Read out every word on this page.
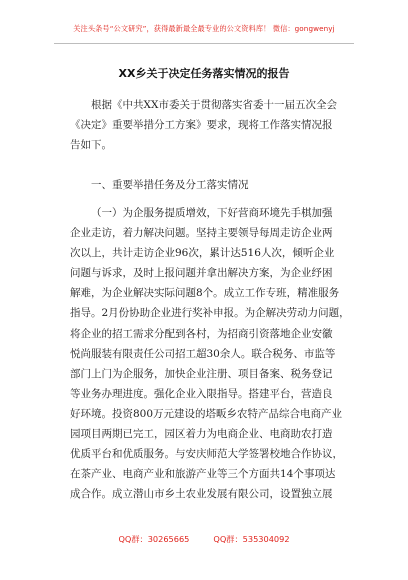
关注头条号“公文研究”，获得最新最全最专业的公文资料库！ 微信：gongwenyj
XX乡关于决定任务落实情况的报告
根据《中共XX市委关于贯彻落实省委十一届五次全会
《决定》重要举措分工方案》要求，现将工作落实情况报
告如下。
一、重要举措任务及分工落实情况
（一）为企服务提质增效，下好营商环境先手棋加强
企业走访，着力解决问题。坚持主要领导每周走访企业两
次以上，共计走访企业96次，累计达516人次，倾听企业
问题与诉求，及时上报问题并拿出解决方案，为企业纾困
解难，为企业解决实际问题8个。成立工作专班，精准服务
指导。2月份协助企业进行奖补申报。为企解决劳动力问题，
将企业的招工需求分配到各村，为招商引资落地企业安徽
悦尚服装有限责任公司招工超30余人。联合税务、市监等
部门上门为企服务，加快企业注册、项目备案、税务登记
等业务办理进度。强化企业入限指导。搭建平台，营造良
好环境。投资800万元建设的塔畈乡农特产品综合电商产业
园项目两期已完工，园区着力为电商企业、电商助农打造
优质平台和优质服务。与安庆师范大学签署校地合作协议，
在茶产业、电商产业和旅游产业等三个方面共14个事项达
成合作。成立潜山市乡土农业发展有限公司，设置独立展
QQ群：30265665	QQ群：535304092
